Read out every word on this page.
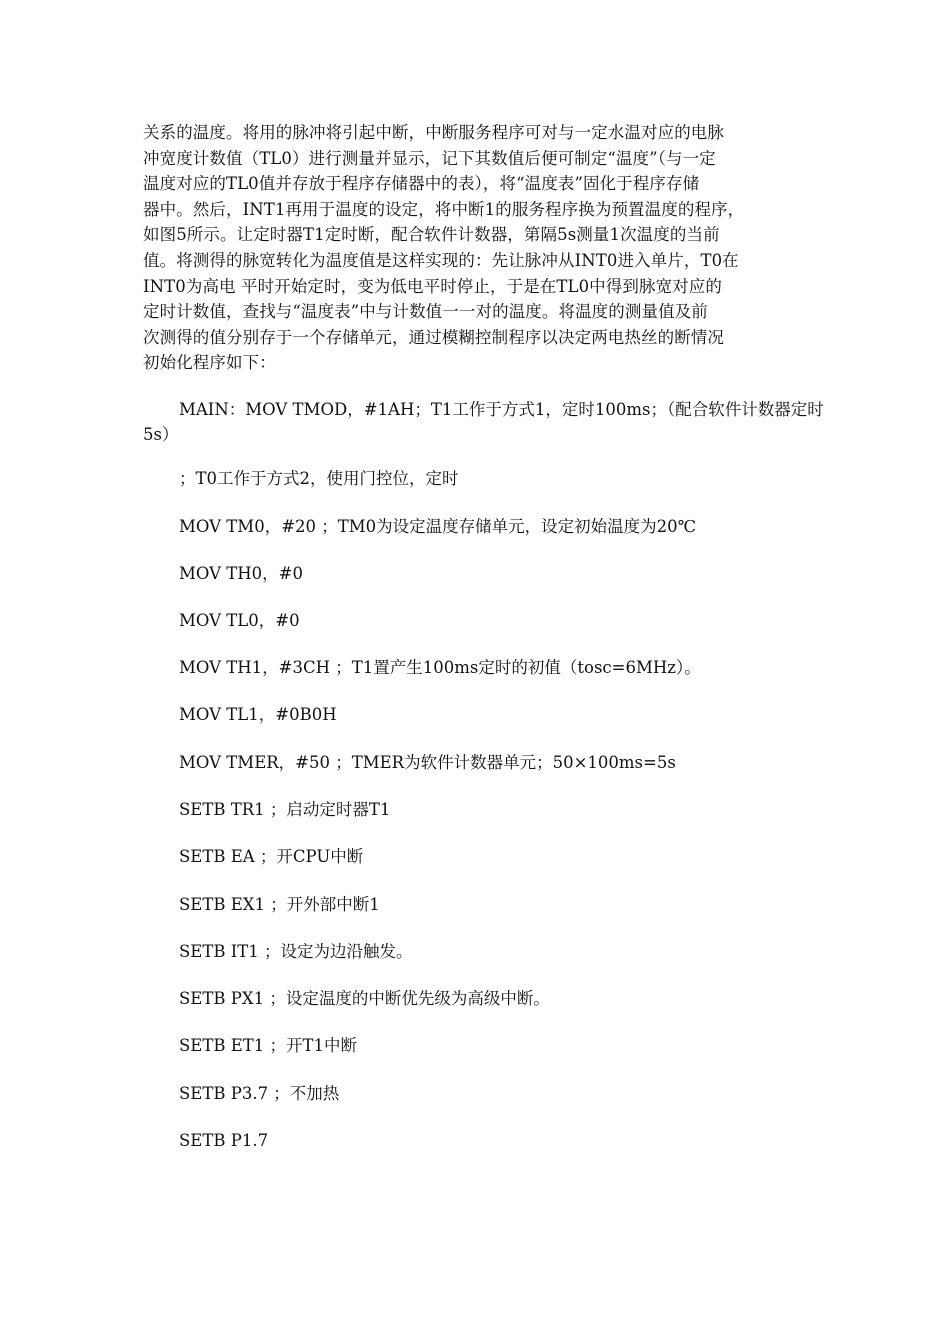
关系的温度。将用的脉冲将引起中断，中断服务程序可对与一定水温对应的电脉
冲宽度计数值（TL0）进行测量并显示，记下其数值后便可制定“温度”（与一定
温度对应的TL0值并存放于程序存储器中的表），将“温度表”固化于程序存储
器中。然后，INT1再用于温度的设定，将中断1的服务程序换为预置温度的程序，
如图5所示。让定时器T1定时断，配合软件计数器，第隔5s测量1次温度的当前
值。将测得的脉宽转化为温度值是这样实现的：先让脉冲从INT0进入单片，T0在
INT0为高电 平时开始定时，变为低电平时停止，于是在TL0中得到脉宽对应的
定时计数值，查找与“温度表”中与计数值一一对的温度。将温度的测量值及前
次测得的值分别存于一个存储单元，通过模糊控制程序以决定两电热丝的断情况
初始化程序如下：
MAIN：MOV TMOD，#1AH；T1工作于方式1，定时100ms；（配合软件计数器定时
5s）
；T0工作于方式2，使用门控位，定时
MOV TM0，#20 ；TM0为设定温度存储单元，设定初始温度为20℃
MOV TH0，#0
MOV TL0，#0
MOV TH1，#3CH ；T1置产生100ms定时的初值（tosc=6MHz）。
MOV TL1，#0B0H
MOV TMER，#50 ；TMER为软件计数器单元；50×100ms=5s
SETB TR1 ；启动定时器T1
SETB EA ；开CPU中断
SETB EX1 ；开外部中断1
SETB IT1 ；设定为边沿触发。
SETB PX1 ；设定温度的中断优先级为高级中断。
SETB ET1 ；开T1中断
SETB P3.7 ；不加热
SETB P1.7
